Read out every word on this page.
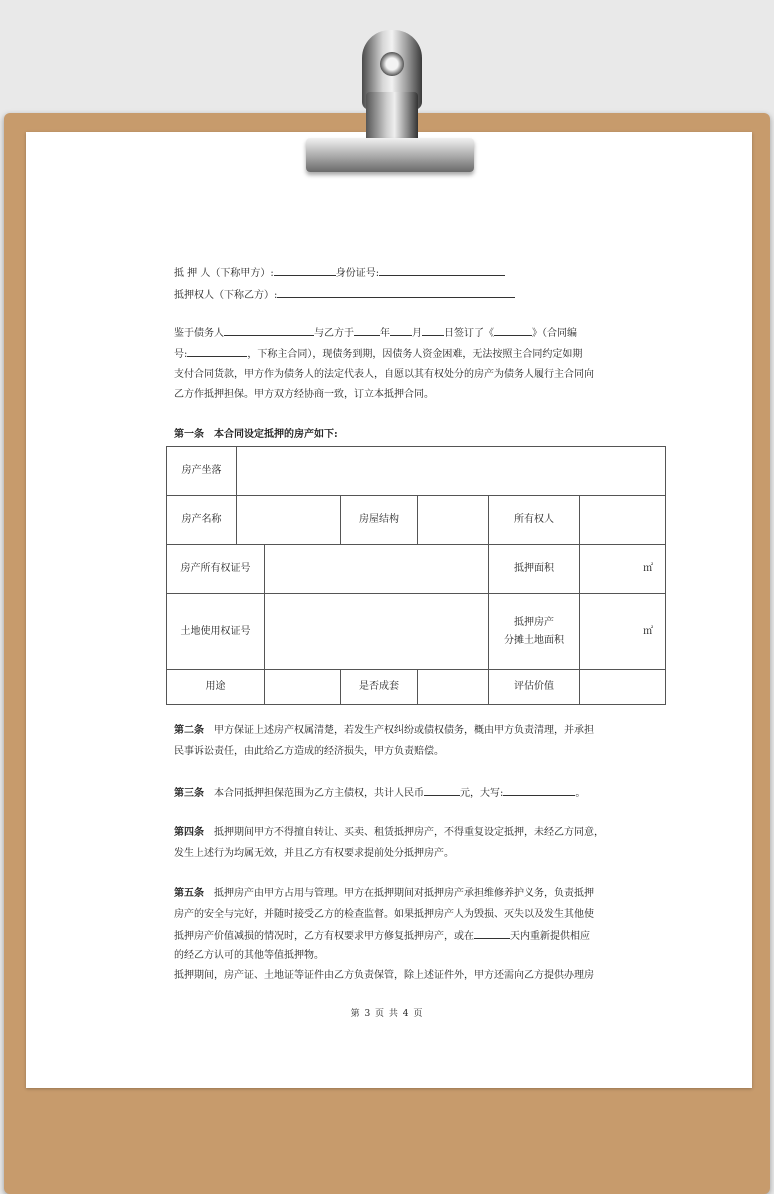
抵 押 人（下称甲方）:	身份证号:
抵押权人（下称乙方）:
鉴于债务人	与乙方于	年 月 日签订了《	》（合同编
号:	，下称主合同），现债务到期，因债务人资金困难，无法按照主合同约定如期
支付合同货款，甲方作为债务人的法定代表人，自愿以其有权处分的房产为债务人履行主合同向
乙方作抵押担保。甲方双方经协商一致，订立本抵押合同。
第一条　本合同设定抵押的房产如下:
房产坐落						
房产名称			房屋结构		所有权人	
房产所有权证号					抵押面积	㎡
土地使用权证号					抵押房产
分摊土地面积	㎡
用途			是否成套		评估价值	
第二条　 甲方保证上述房产权属清楚，若发生产权纠纷或债权债务，概由甲方负责清理，并承担
民事诉讼责任，由此给乙方造成的经济损失，甲方负责赔偿。
第三条　 本合同抵押担保范围为乙方主债权，共计人民币	元，大写:	。
第四条　 抵押期间甲方不得擅自转让、买卖、租赁抵押房产，不得重复设定抵押，未经乙方同意，
发生上述行为均属无效，并且乙方有权要求提前处分抵押房产。
第五条　 抵押房产由甲方占用与管理。甲方在抵押期间对抵押房产承担维修养护义务，负责抵押
房产的安全与完好，并随时接受乙方的检查监督。如果抵押房产人为毁损、灭失以及发生其他使
抵押房产价值减损的情况时，乙方有权要求甲方修复抵押房产，或在	天内重新提供相应
的经乙方认可的其他等值抵押物。
抵押期间，房产证、土地证等证件由乙方负责保管，除上述证件外，甲方还需向乙方提供办理房
第 3 页 共 4 页
